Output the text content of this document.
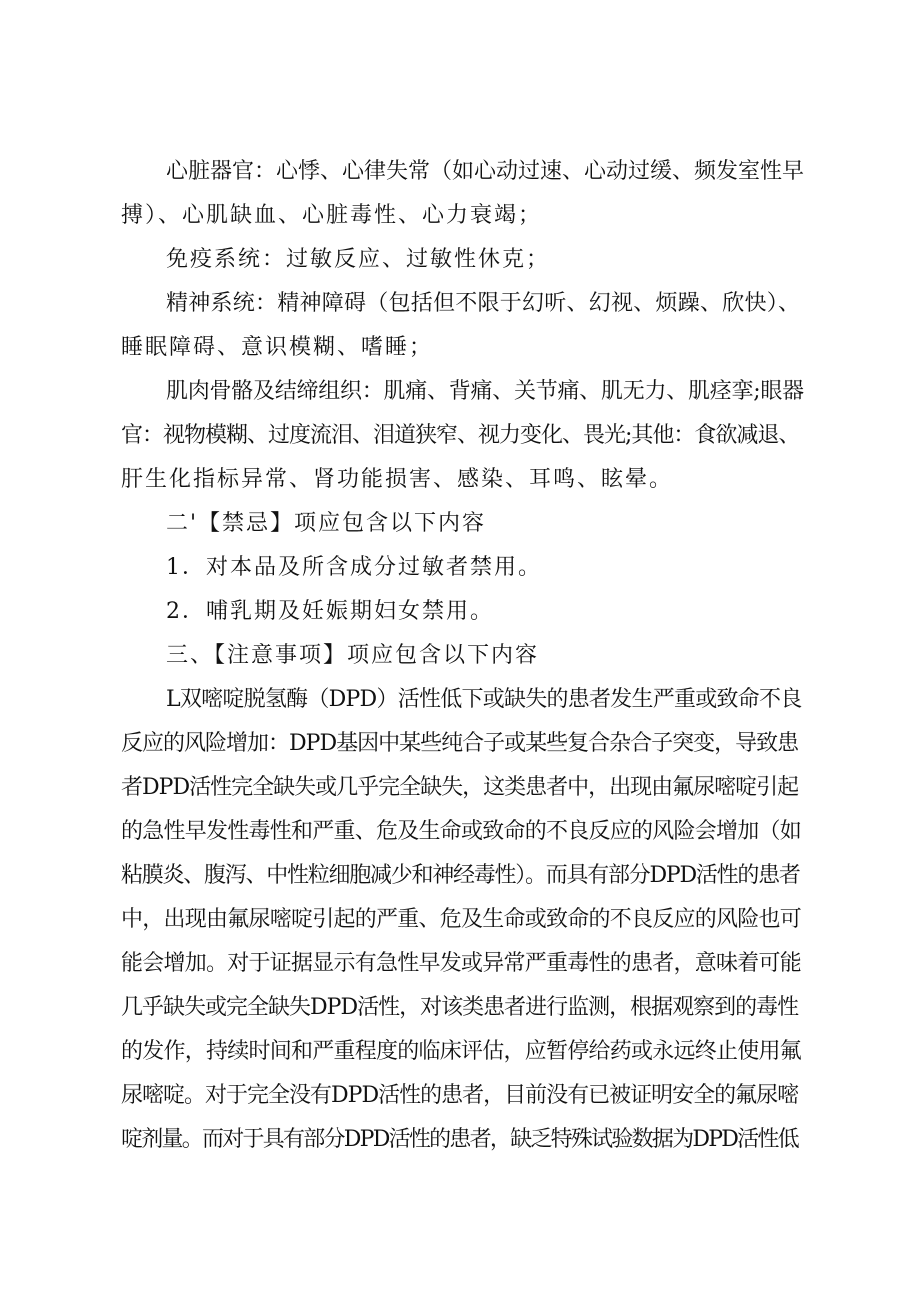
心脏器官：心悸、心律失常（如心动过速、心动过缓、频发室性早
搏）、心肌缺血、心脏毒性、心力衰竭；
免疫系统：过敏反应、过敏性休克；
精神系统：精神障碍（包括但不限于幻听、幻视、烦躁、欣快）、
睡眠障碍、意识模糊、嗜睡；
肌肉骨骼及结缔组织：肌痛、背痛、关节痛、肌无力、肌痉挛;眼器
官：视物模糊、过度流泪、泪道狭窄、视力变化、畏光;其他：食欲减退、
肝生化指标异常、肾功能损害、感染、耳鸣、眩晕。
二'【禁忌】项应包含以下内容
1．对本品及所含成分过敏者禁用。
2．哺乳期及妊娠期妇女禁用。
三、【注意事项】项应包含以下内容
L双嘧啶脱氢酶（DPD）活性低下或缺失的患者发生严重或致命不良
反应的风险增加：DPD基因中某些纯合子或某些复合杂合子突变，导致患
者DPD活性完全缺失或几乎完全缺失，这类患者中，出现由氟尿嘧啶引起
的急性早发性毒性和严重、危及生命或致命的不良反应的风险会增加（如
粘膜炎、腹泻、中性粒细胞减少和神经毒性）。而具有部分DPD活性的患者
中，出现由氟尿嘧啶引起的严重、危及生命或致命的不良反应的风险也可
能会增加。对于证据显示有急性早发或异常严重毒性的患者，意味着可能
几乎缺失或完全缺失DPD活性，对该类患者进行监测，根据观察到的毒性
的发作，持续时间和严重程度的临床评估，应暂停给药或永远终止使用氟
尿嘧啶。对于完全没有DPD活性的患者，目前没有已被证明安全的氟尿嘧
啶剂量。而对于具有部分DPD活性的患者，缺乏特殊试验数据为DPD活性低
